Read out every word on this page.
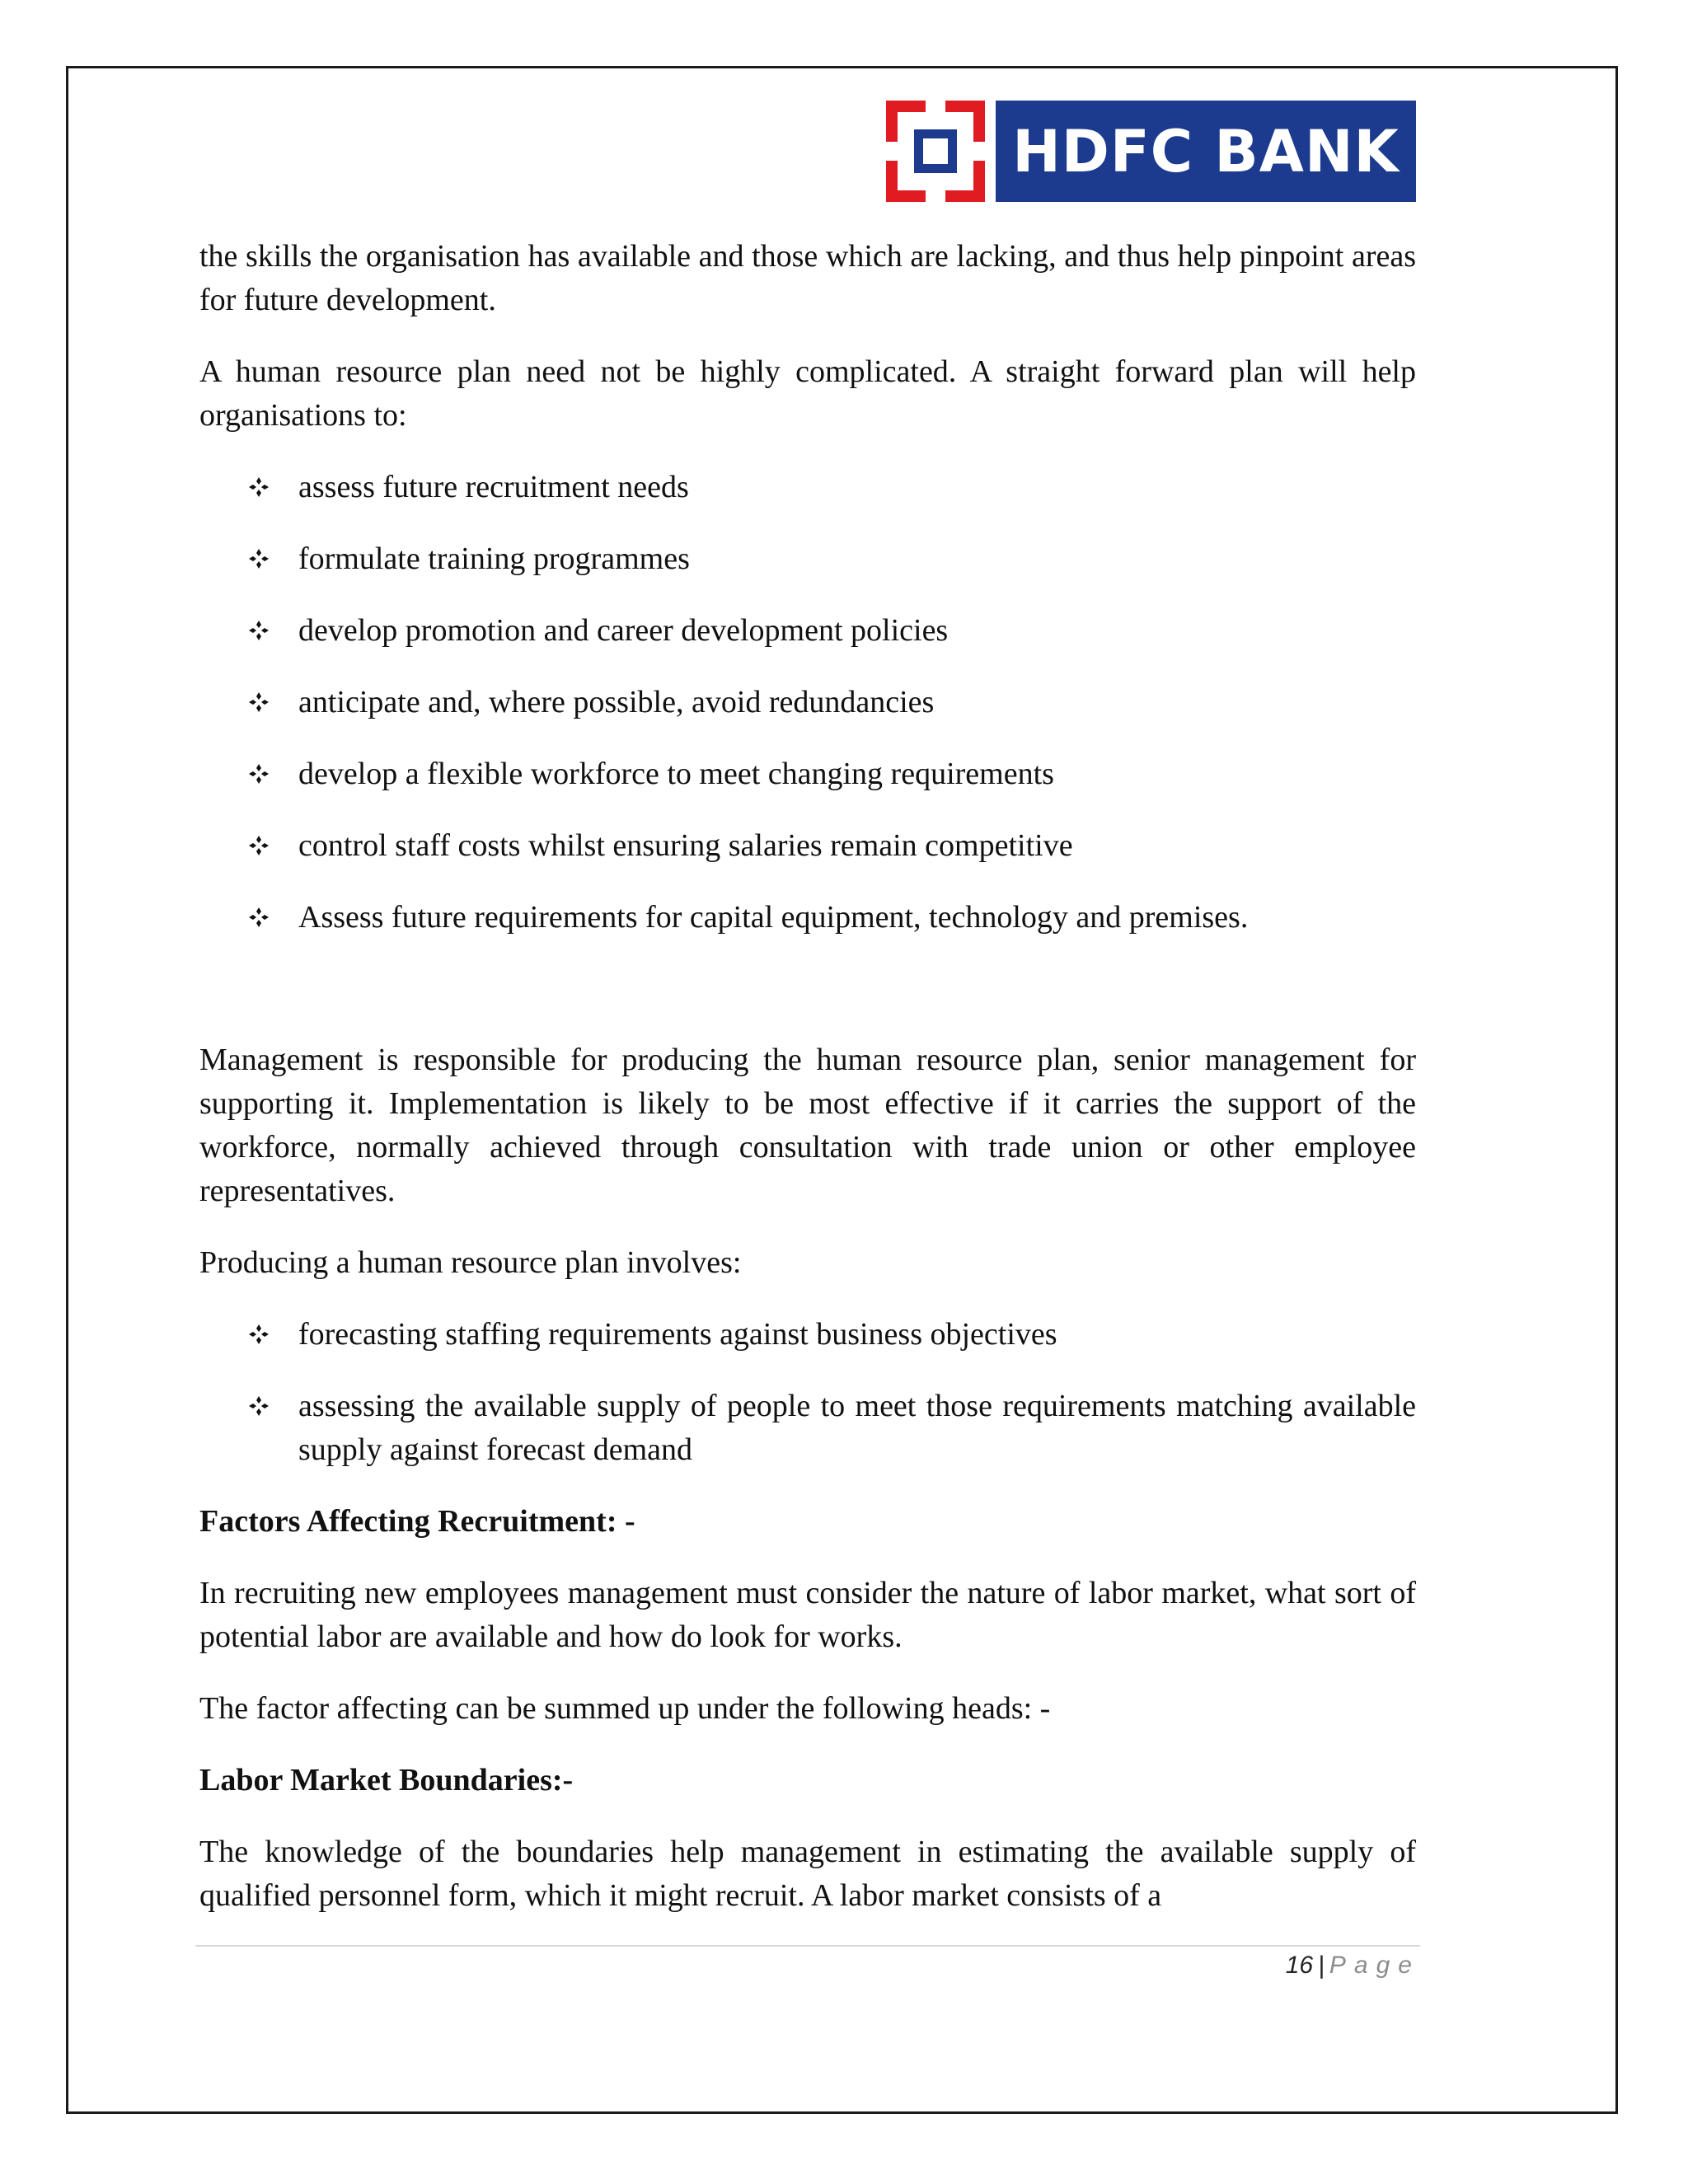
HDFC BANK

the skills the organisation has available and those which are lacking, and thus help pinpoint areas for future development.

A human resource plan need not be highly complicated. A straight forward plan will help organisations to:

assess future recruitment needs
formulate training programmes
develop promotion and career development policies
anticipate and, where possible, avoid redundancies
develop a flexible workforce to meet changing requirements
control staff costs whilst ensuring salaries remain competitive
Assess future requirements for capital equipment, technology and premises.

Management is responsible for producing the human resource plan, senior management for supporting it. Implementation is likely to be most effective if it carries the support of the workforce, normally achieved through consultation with trade union or other employee representatives.

Producing a human resource plan involves:

forecasting staffing requirements against business objectives
assessing the available supply of people to meet those requirements matching available supply against forecast demand

Factors Affecting Recruitment: -

In recruiting new employees management must consider the nature of labor market, what sort of potential labor are available and how do look for works.

The factor affecting can be summed up under the following heads: -

Labor Market Boundaries:-

The knowledge of the boundaries help management in estimating the available supply of qualified personnel form, which it might recruit. A labor market consists of a

16 | Page
